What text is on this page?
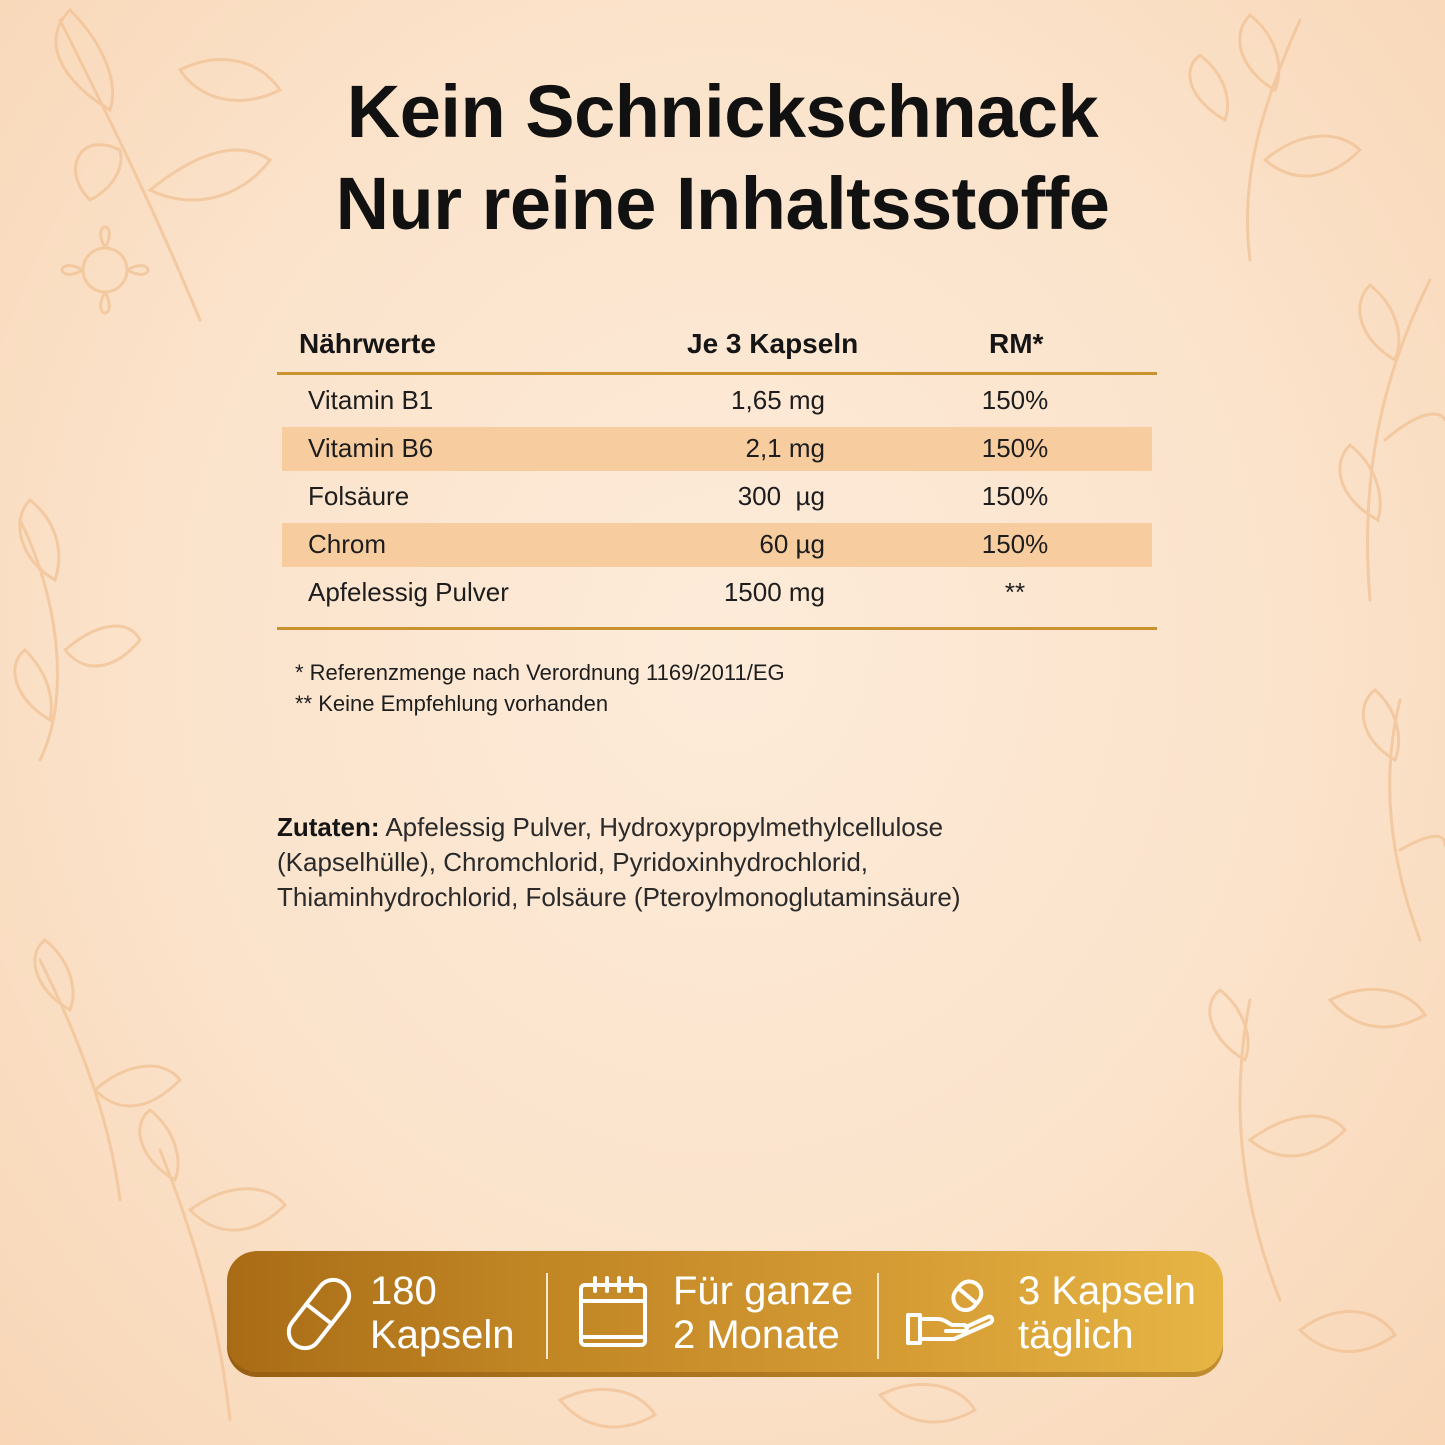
Kein Schnickschnack
Nur reine Inhaltsstoffe
Nährwerte	Je 3 Kapseln	RM*
Vitamin B1	1,65 mg	150%
Vitamin B6	2,1 mg	150%
Folsäure	300  µg	150%
Chrom	60 µg	150%
Apfelessig Pulver	1500 mg	**
* Referenzmenge nach Verordnung 1169/2011/EG
** Keine Empfehlung vorhanden
Zutaten: Apfelessig Pulver, Hydroxypropylmethylcellulose
(Kapselhülle), Chromchlorid, Pyridoxinhydrochlorid,
Thiaminhydrochlorid, Folsäure (Pteroylmonoglutaminsäure)
180
Kapseln
Für ganze
2 Monate
3 Kapseln
täglich
